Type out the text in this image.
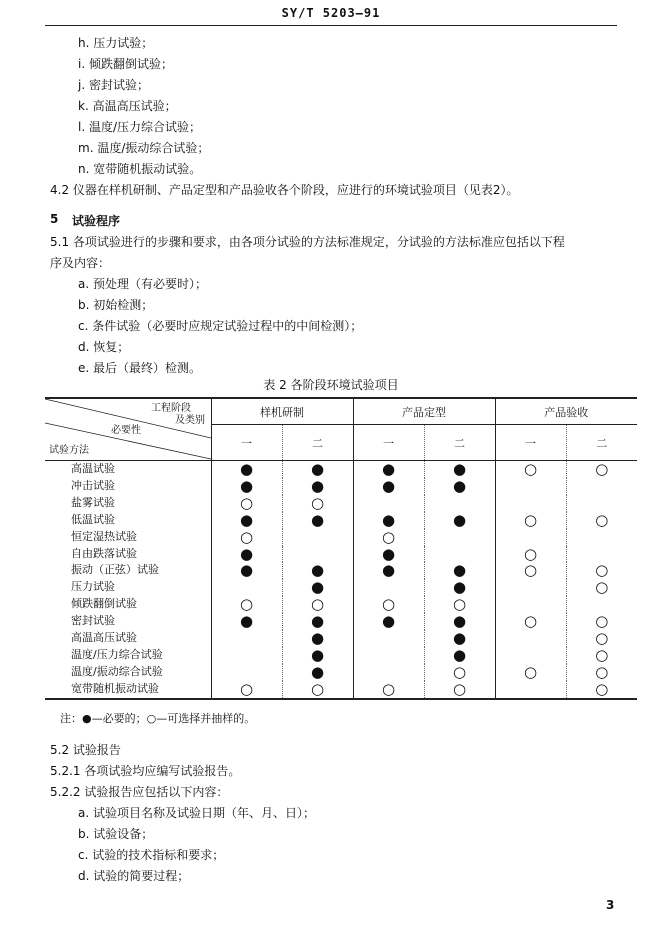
SY/T 5203—91
h. 压力试验；
i. 倾跌翻倒试验；
j. 密封试验；
k. 高温高压试验；
l. 温度/压力综合试验；
m. 温度/振动综合试验；
n. 宽带随机振动试验。
4.2 仪器在样机研制、产品定型和产品验收各个阶段，应进行的环境试验项目（见表2）。
5 试验程序
5.1 各项试验进行的步骤和要求，由各项分试验的方法标准规定，分试验的方法标准应包括以下程
序及内容：
a. 预处理（有必要时）；
b. 初始检测；
c. 条件试验（必要时应规定试验过程中的中间检测）；
d. 恢复；
e. 最后（最终）检测。
表 2 各阶段环境试验项目
工程阶段
及类别
必要性
试验方法	样机研制		产品定型		产品验收	
	一	二	一	二	一	二
高温试验	●	●	●	●	○	○
冲击试验	●	●	●	●		
盐雾试验	○	○				
低温试验	●	●	●	●	○	○
恒定湿热试验	○		○			
自由跌落试验	●		●		○	
振动（正弦）试验	●	●	●	●	○	○
压力试验		●		●		○
倾跌翻倒试验	○	○	○	○		
密封试验	●	●	●	●	○	○
高温高压试验		●		●		○
温度/压力综合试验		●		●		○
温度/振动综合试验		●		○	○	○
宽带随机振动试验	○	○	○	○		○
注：●—必要的；○—可选择并抽样的。
5.2 试验报告
5.2.1 各项试验均应编写试验报告。
5.2.2 试验报告应包括以下内容：
a. 试验项目名称及试验日期（年、月、日）；
b. 试验设备；
c. 试验的技术指标和要求；
d. 试验的简要过程；
3
